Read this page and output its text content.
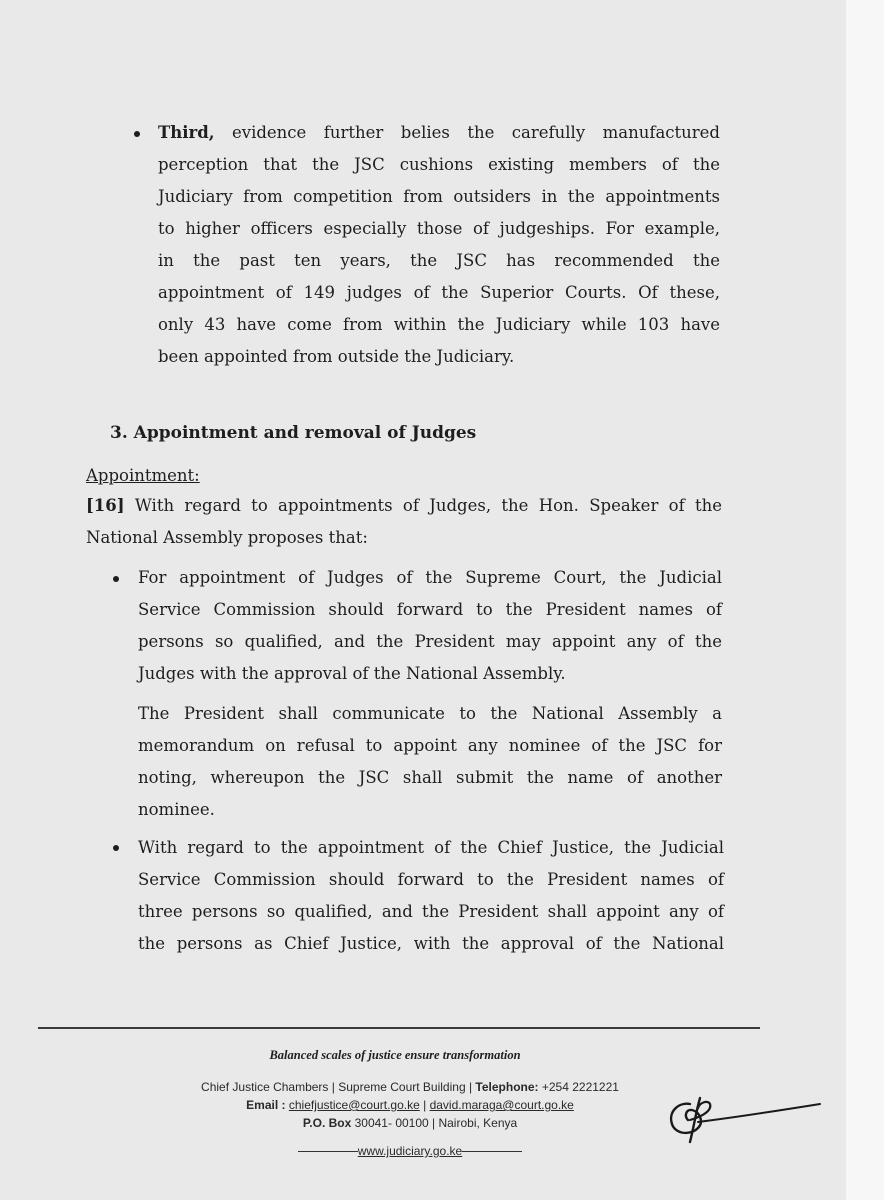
Third, evidence further belies the carefully manufactured
perception that the JSC cushions existing members of the
Judiciary from competition from outsiders in the appointments
to higher officers especially those of judgeships. For example,
in the past ten years, the JSC has recommended the
appointment of 149 judges of the Superior Courts. Of these,
only 43 have come from within the Judiciary while 103 have
been appointed from outside the Judiciary.
3. Appointment and removal of Judges
Appointment:
[16] With regard to appointments of Judges, the Hon. Speaker of the
National Assembly proposes that:
For appointment of Judges of the Supreme Court, the Judicial
Service Commission should forward to the President names of
persons so qualified, and the President may appoint any of the
Judges with the approval of the National Assembly.
The President shall communicate to the National Assembly a
memorandum on refusal to appoint any nominee of the JSC for
noting, whereupon the JSC shall submit the name of another
nominee.
With regard to the appointment of the Chief Justice, the Judicial
Service Commission should forward to the President names of
three persons so qualified, and the President shall appoint any of
the persons as Chief Justice, with the approval of the National
Balanced scales of justice ensure transformation
Chief Justice Chambers | Supreme Court Building | Telephone: +254 2221221
Email : chiefjustice@court.go.ke | david.maraga@court.go.ke
P.O. Box 30041- 00100 | Nairobi, Kenya
www.judiciary.go.ke
